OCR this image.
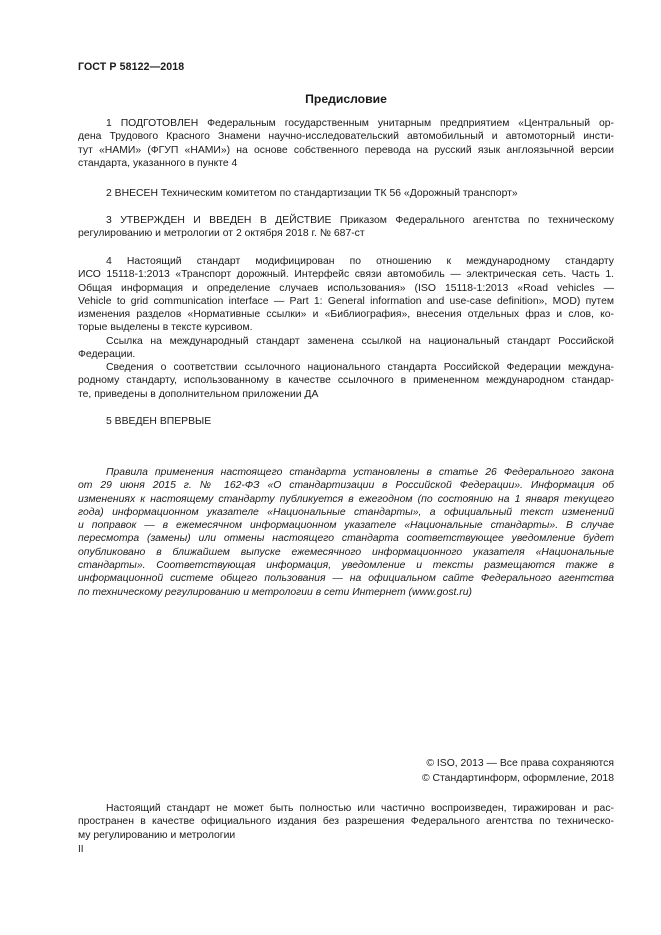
ГОСТ Р 58122—2018
Предисловие
1 ПОДГОТОВЛЕН Федеральным государственным унитарным предприятием «Центральный ор-
дена Трудового Красного Знамени научно-исследовательский автомобильный и автомоторный инсти-
тут «НАМИ» (ФГУП «НАМИ») на основе собственного перевода на русский язык англоязычной версии
стандарта, указанного в пункте 4
2 ВНЕСЕН Техническим комитетом по стандартизации ТК 56 «Дорожный транспорт»
3 УТВЕРЖДЕН И ВВЕДЕН В ДЕЙСТВИЕ Приказом Федерального агентства по техническому
регулированию и метрологии от 2 октября 2018 г. № 687-ст
4 Настоящий стандарт модифицирован по отношению к международному стандарту
ИСО 15118-1:2013 «Транспорт дорожный. Интерфейс связи автомобиль — электрическая сеть. Часть 1.
Общая информация и определение случаев использования» (ISO 15118-1:2013 «Road vehicles —
Vehicle to grid communication interface — Part 1: General information and use-case definition», MOD) путем
изменения разделов «Нормативные ссылки» и «Библиография», внесения отдельных фраз и слов, ко-
торые выделены в тексте курсивом.
Ссылка на международный стандарт заменена ссылкой на национальный стандарт Российской
Федерации.
Сведения о соответствии ссылочного национального стандарта Российской Федерации междуна-
родному стандарту, использованному в качестве ссылочного в примененном международном стандар-
те, приведены в дополнительном приложении ДА
5 ВВЕДЕН ВПЕРВЫЕ
Правила применения настоящего стандарта установлены в статье 26 Федерального закона
от 29 июня 2015 г. № 162-ФЗ «О стандартизации в Российской Федерации». Информация об
изменениях к настоящему стандарту публикуется в ежегодном (по состоянию на 1 января текущего
года) информационном указателе «Национальные стандарты», а официальный текст изменений
и поправок — в ежемесячном информационном указателе «Национальные стандарты». В случае
пересмотра (замены) или отмены настоящего стандарта соответствующее уведомление будет
опубликовано в ближайшем выпуске ежемесячного информационного указателя «Национальные
стандарты». Соответствующая информация, уведомление и тексты размещаются также в
информационной системе общего пользования — на официальном сайте Федерального агентства
по техническому регулированию и метрологии в сети Интернет (www.gost.ru)
© ISO, 2013 — Все права сохраняются
© Стандартинформ, оформление, 2018
Настоящий стандарт не может быть полностью или частично воспроизведен, тиражирован и рас-
пространен в качестве официального издания без разрешения Федерального агентства по техническо-
му регулированию и метрологии
II
